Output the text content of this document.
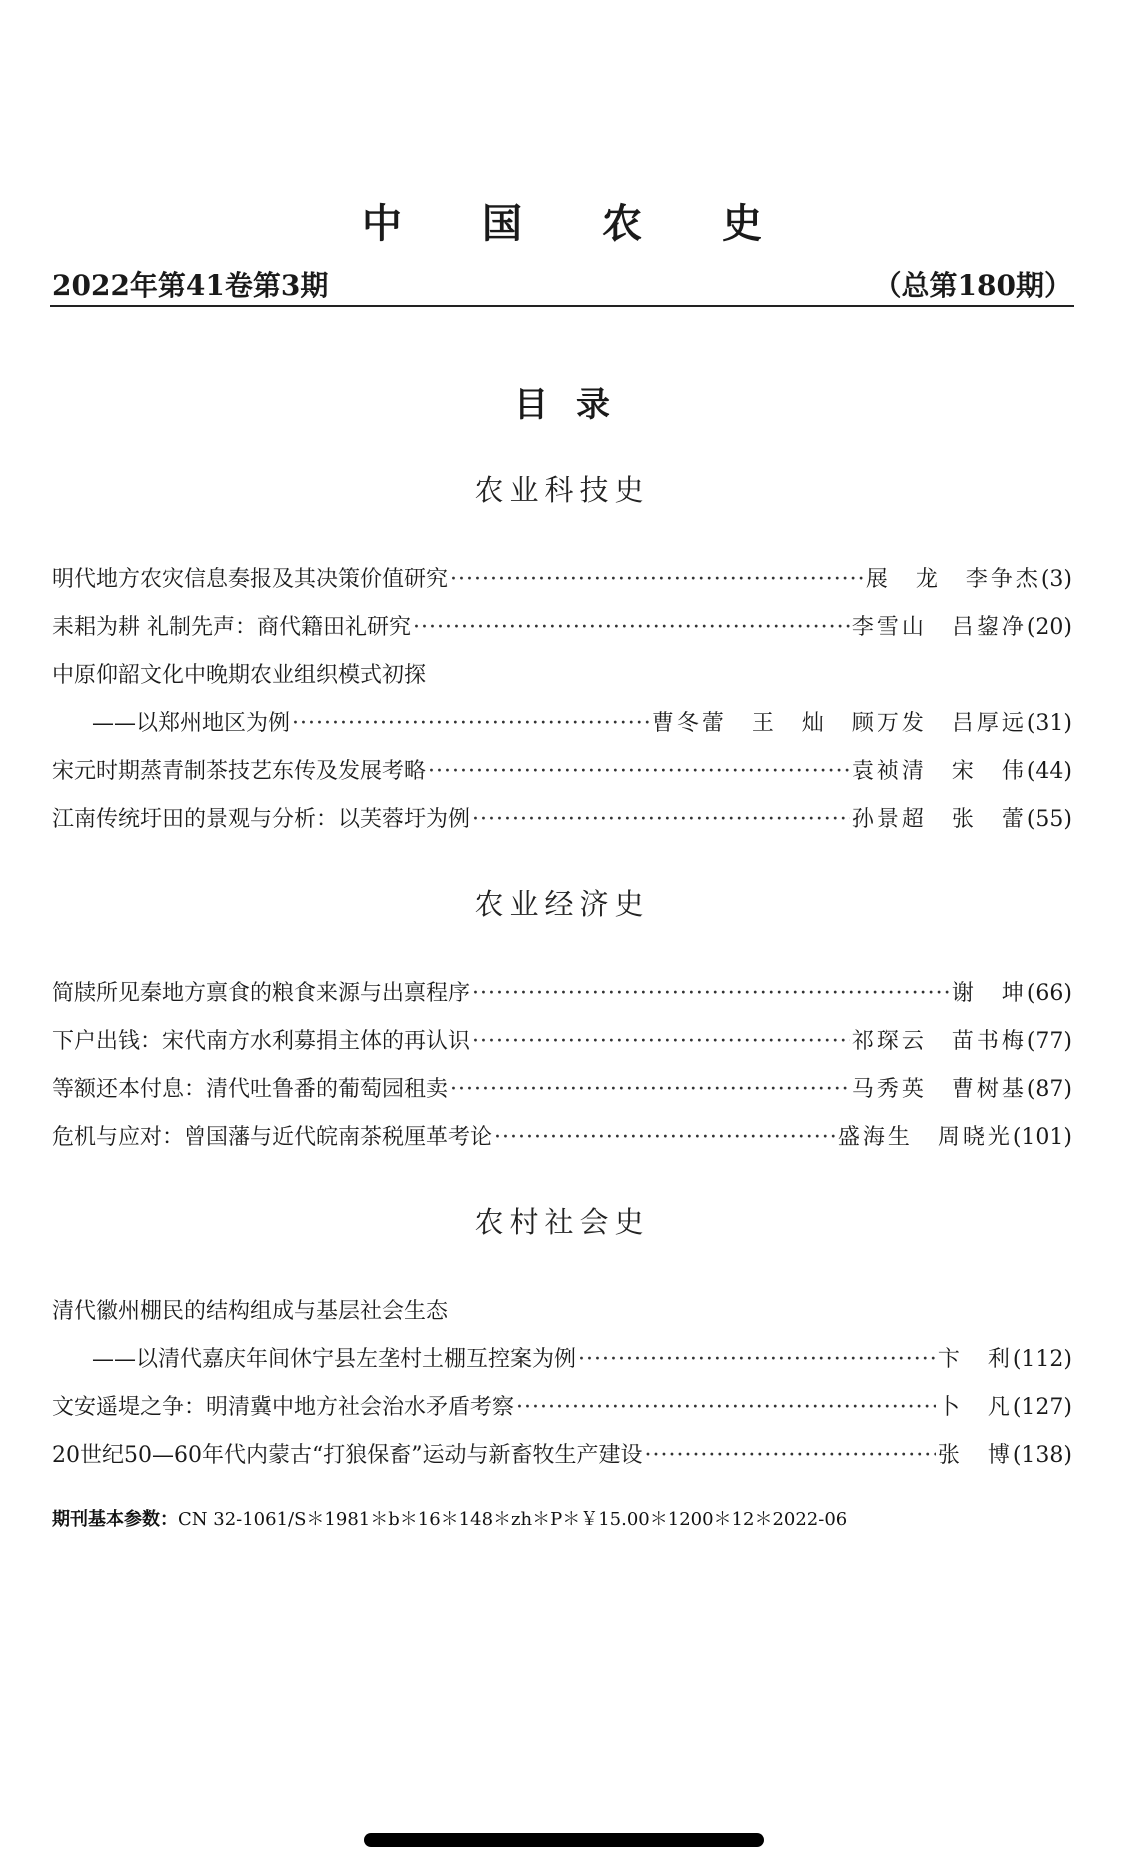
中国农史
2022年第41卷第3期	（总第180期）
目录
农业科技史
明代地方农灾信息奏报及其决策价值研究 ·····	展　龙　李争杰 (3)
耒耜为耕 礼制先声：商代籍田礼研究 ·····	李雪山　吕鋆净 (20)
中原仰韶文化中晚期农业组织模式初探
——以郑州地区为例 ·····	曹冬蕾　王　灿　顾万发　吕厚远 (31)
宋元时期蒸青制茶技艺东传及发展考略 ·····	袁祯清　宋　伟 (44)
江南传统圩田的景观与分析：以芙蓉圩为例 ·····	孙景超　张　蕾 (55)
农业经济史
简牍所见秦地方禀食的粮食来源与出禀程序 ·····	谢　坤 (66)
下户出钱：宋代南方水利募捐主体的再认识 ·····	祁琛云　苗书梅 (77)
等额还本付息：清代吐鲁番的葡萄园租卖 ·····	马秀英　曹树基 (87)
危机与应对：曾国藩与近代皖南茶税厘革考论 ·····	盛海生　周晓光 (101)
农村社会史
清代徽州棚民的结构组成与基层社会生态
——以清代嘉庆年间休宁县左垄村土棚互控案为例 ·····	卞　利 (112)
文安遥堤之争：明清冀中地方社会治水矛盾考察 ·····	卜　凡 (127)
20世纪50—60年代内蒙古“打狼保畜”运动与新畜牧生产建设 ·····	张　博 (138)
期刊基本参数：CN 32-1061/S＊1981＊b＊16＊148＊zh＊P＊￥15.00＊1200＊12＊2022-06
